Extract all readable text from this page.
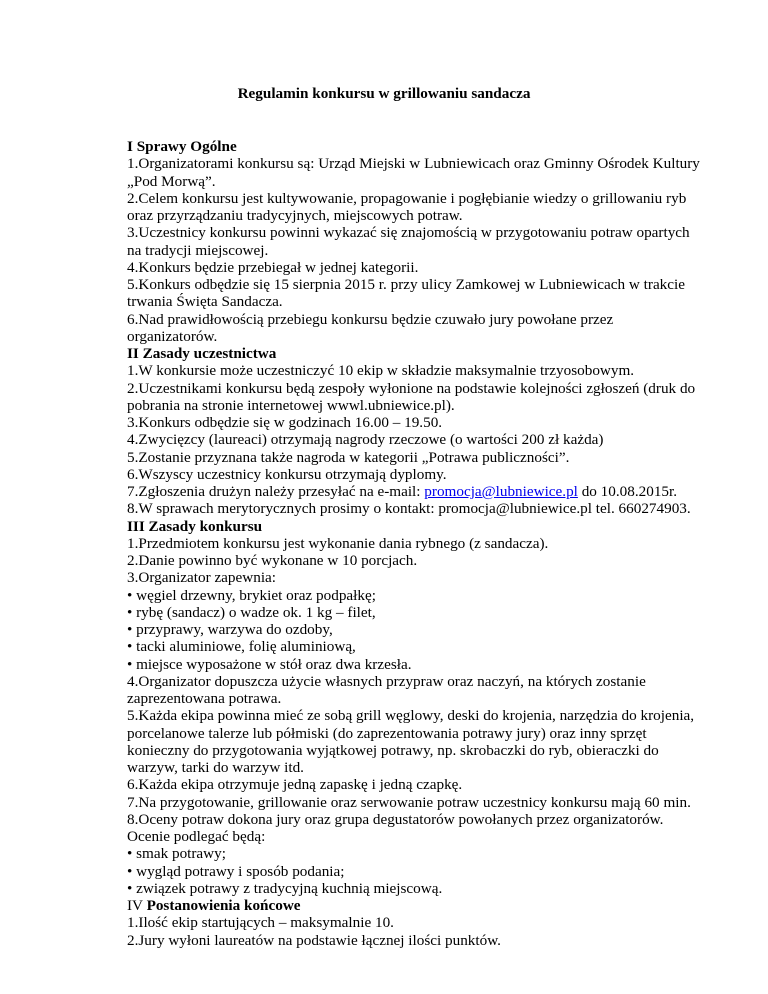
Regulamin konkursu w grillowaniu sandacza
I Sprawy Ogólne
1.Organizatorami konkursu są: Urząd Miejski w Lubniewicach oraz Gminny Ośrodek Kultury
„Pod Morwą”.
2.Celem konkursu jest kultywowanie, propagowanie i pogłębianie wiedzy o grillowaniu ryb
oraz przyrządzaniu tradycyjnych, miejscowych potraw.
3.Uczestnicy konkursu powinni wykazać się znajomością w przygotowaniu potraw opartych
na tradycji miejscowej.
4.Konkurs będzie przebiegał w jednej kategorii.
5.Konkurs odbędzie się 15 sierpnia 2015 r. przy ulicy Zamkowej w Lubniewicach w trakcie
trwania Święta Sandacza.
6.Nad prawidłowością przebiegu konkursu będzie czuwało jury powołane przez
organizatorów.
II Zasady uczestnictwa
1.W konkursie może uczestniczyć 10 ekip w składzie maksymalnie trzyosobowym.
2.Uczestnikami konkursu będą zespoły wyłonione na podstawie kolejności zgłoszeń (druk do
pobrania na stronie internetowej wwwl.ubniewice.pl).
3.Konkurs odbędzie się w godzinach 16.00 – 19.50.
4.Zwycięzcy (laureaci) otrzymają nagrody rzeczowe (o wartości 200 zł każda)
5.Zostanie przyznana także nagroda w kategorii „Potrawa publiczności”.
6.Wszyscy uczestnicy konkursu otrzymają dyplomy.
7.Zgłoszenia drużyn należy przesyłać na e-mail: promocja@lubniewice.pl do 10.08.2015r.
8.W sprawach merytorycznych prosimy o kontakt: promocja@lubniewice.pl tel. 660274903.
III Zasady konkursu
1.Przedmiotem konkursu jest wykonanie dania rybnego (z sandacza).
2.Danie powinno być wykonane w 10 porcjach.
3.Organizator zapewnia:
• węgiel drzewny, brykiet oraz podpałkę;
• rybę (sandacz) o wadze ok. 1 kg – filet,
• przyprawy, warzywa do ozdoby,
• tacki aluminiowe, folię aluminiową,
• miejsce wyposażone w stół oraz dwa krzesła.
4.Organizator dopuszcza użycie własnych przypraw oraz naczyń, na których zostanie
zaprezentowana potrawa.
5.Każda ekipa powinna mieć ze sobą grill węglowy, deski do krojenia, narzędzia do krojenia,
porcelanowe talerze lub półmiski (do zaprezentowania potrawy jury) oraz inny sprzęt
konieczny do przygotowania wyjątkowej potrawy, np. skrobaczki do ryb, obieraczki do
warzyw, tarki do warzyw itd.
6.Każda ekipa otrzymuje jedną zapaskę i jedną czapkę.
7.Na przygotowanie, grillowanie oraz serwowanie potraw uczestnicy konkursu mają 60 min.
8.Oceny potraw dokona jury oraz grupa degustatorów powołanych przez organizatorów.
Ocenie podlegać będą:
• smak potrawy;
• wygląd potrawy i sposób podania;
• związek potrawy z tradycyjną kuchnią miejscową.
IV Postanowienia końcowe
1.Ilość ekip startujących – maksymalnie 10.
2.Jury wyłoni laureatów na podstawie łącznej ilości punktów.
